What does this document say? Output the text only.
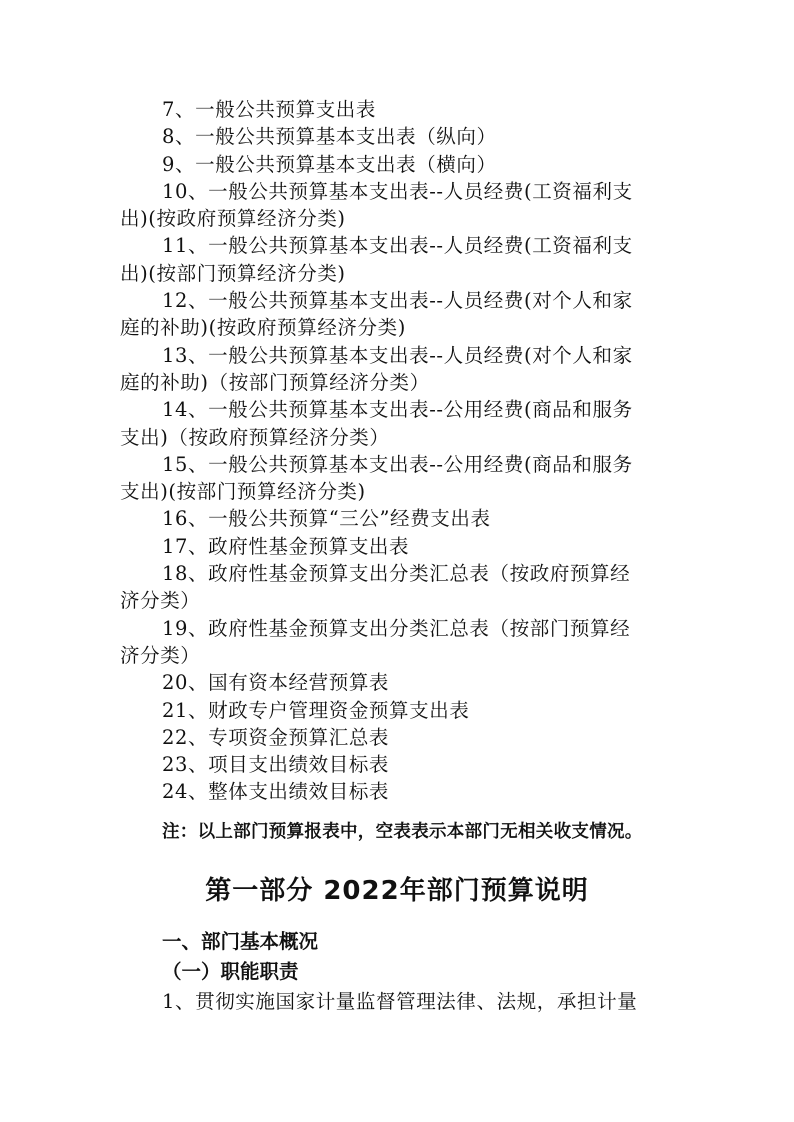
7、一般公共预算支出表
8、一般公共预算基本支出表（纵向）
9、一般公共预算基本支出表（横向）
10、一般公共预算基本支出表--人员经费(工资福利支
出)(按政府预算经济分类)
11、一般公共预算基本支出表--人员经费(工资福利支
出)(按部门预算经济分类)
12、一般公共预算基本支出表--人员经费(对个人和家
庭的补助)(按政府预算经济分类)
13、一般公共预算基本支出表--人员经费(对个人和家
庭的补助)（按部门预算经济分类）
14、一般公共预算基本支出表--公用经费(商品和服务
支出)（按政府预算经济分类）
15、一般公共预算基本支出表--公用经费(商品和服务
支出)(按部门预算经济分类)
16、一般公共预算“三公”经费支出表
17、政府性基金预算支出表
18、政府性基金预算支出分类汇总表（按政府预算经
济分类）
19、政府性基金预算支出分类汇总表（按部门预算经
济分类）
20、国有资本经营预算表
21、财政专户管理资金预算支出表
22、专项资金预算汇总表
23、项目支出绩效目标表
24、整体支出绩效目标表
注：以上部门预算报表中，空表表示本部门无相关收支情况。
第一部分 2022年部门预算说明
一、部门基本概况
（一）职能职责
1、贯彻实施国家计量监督管理法律、法规，承担计量
